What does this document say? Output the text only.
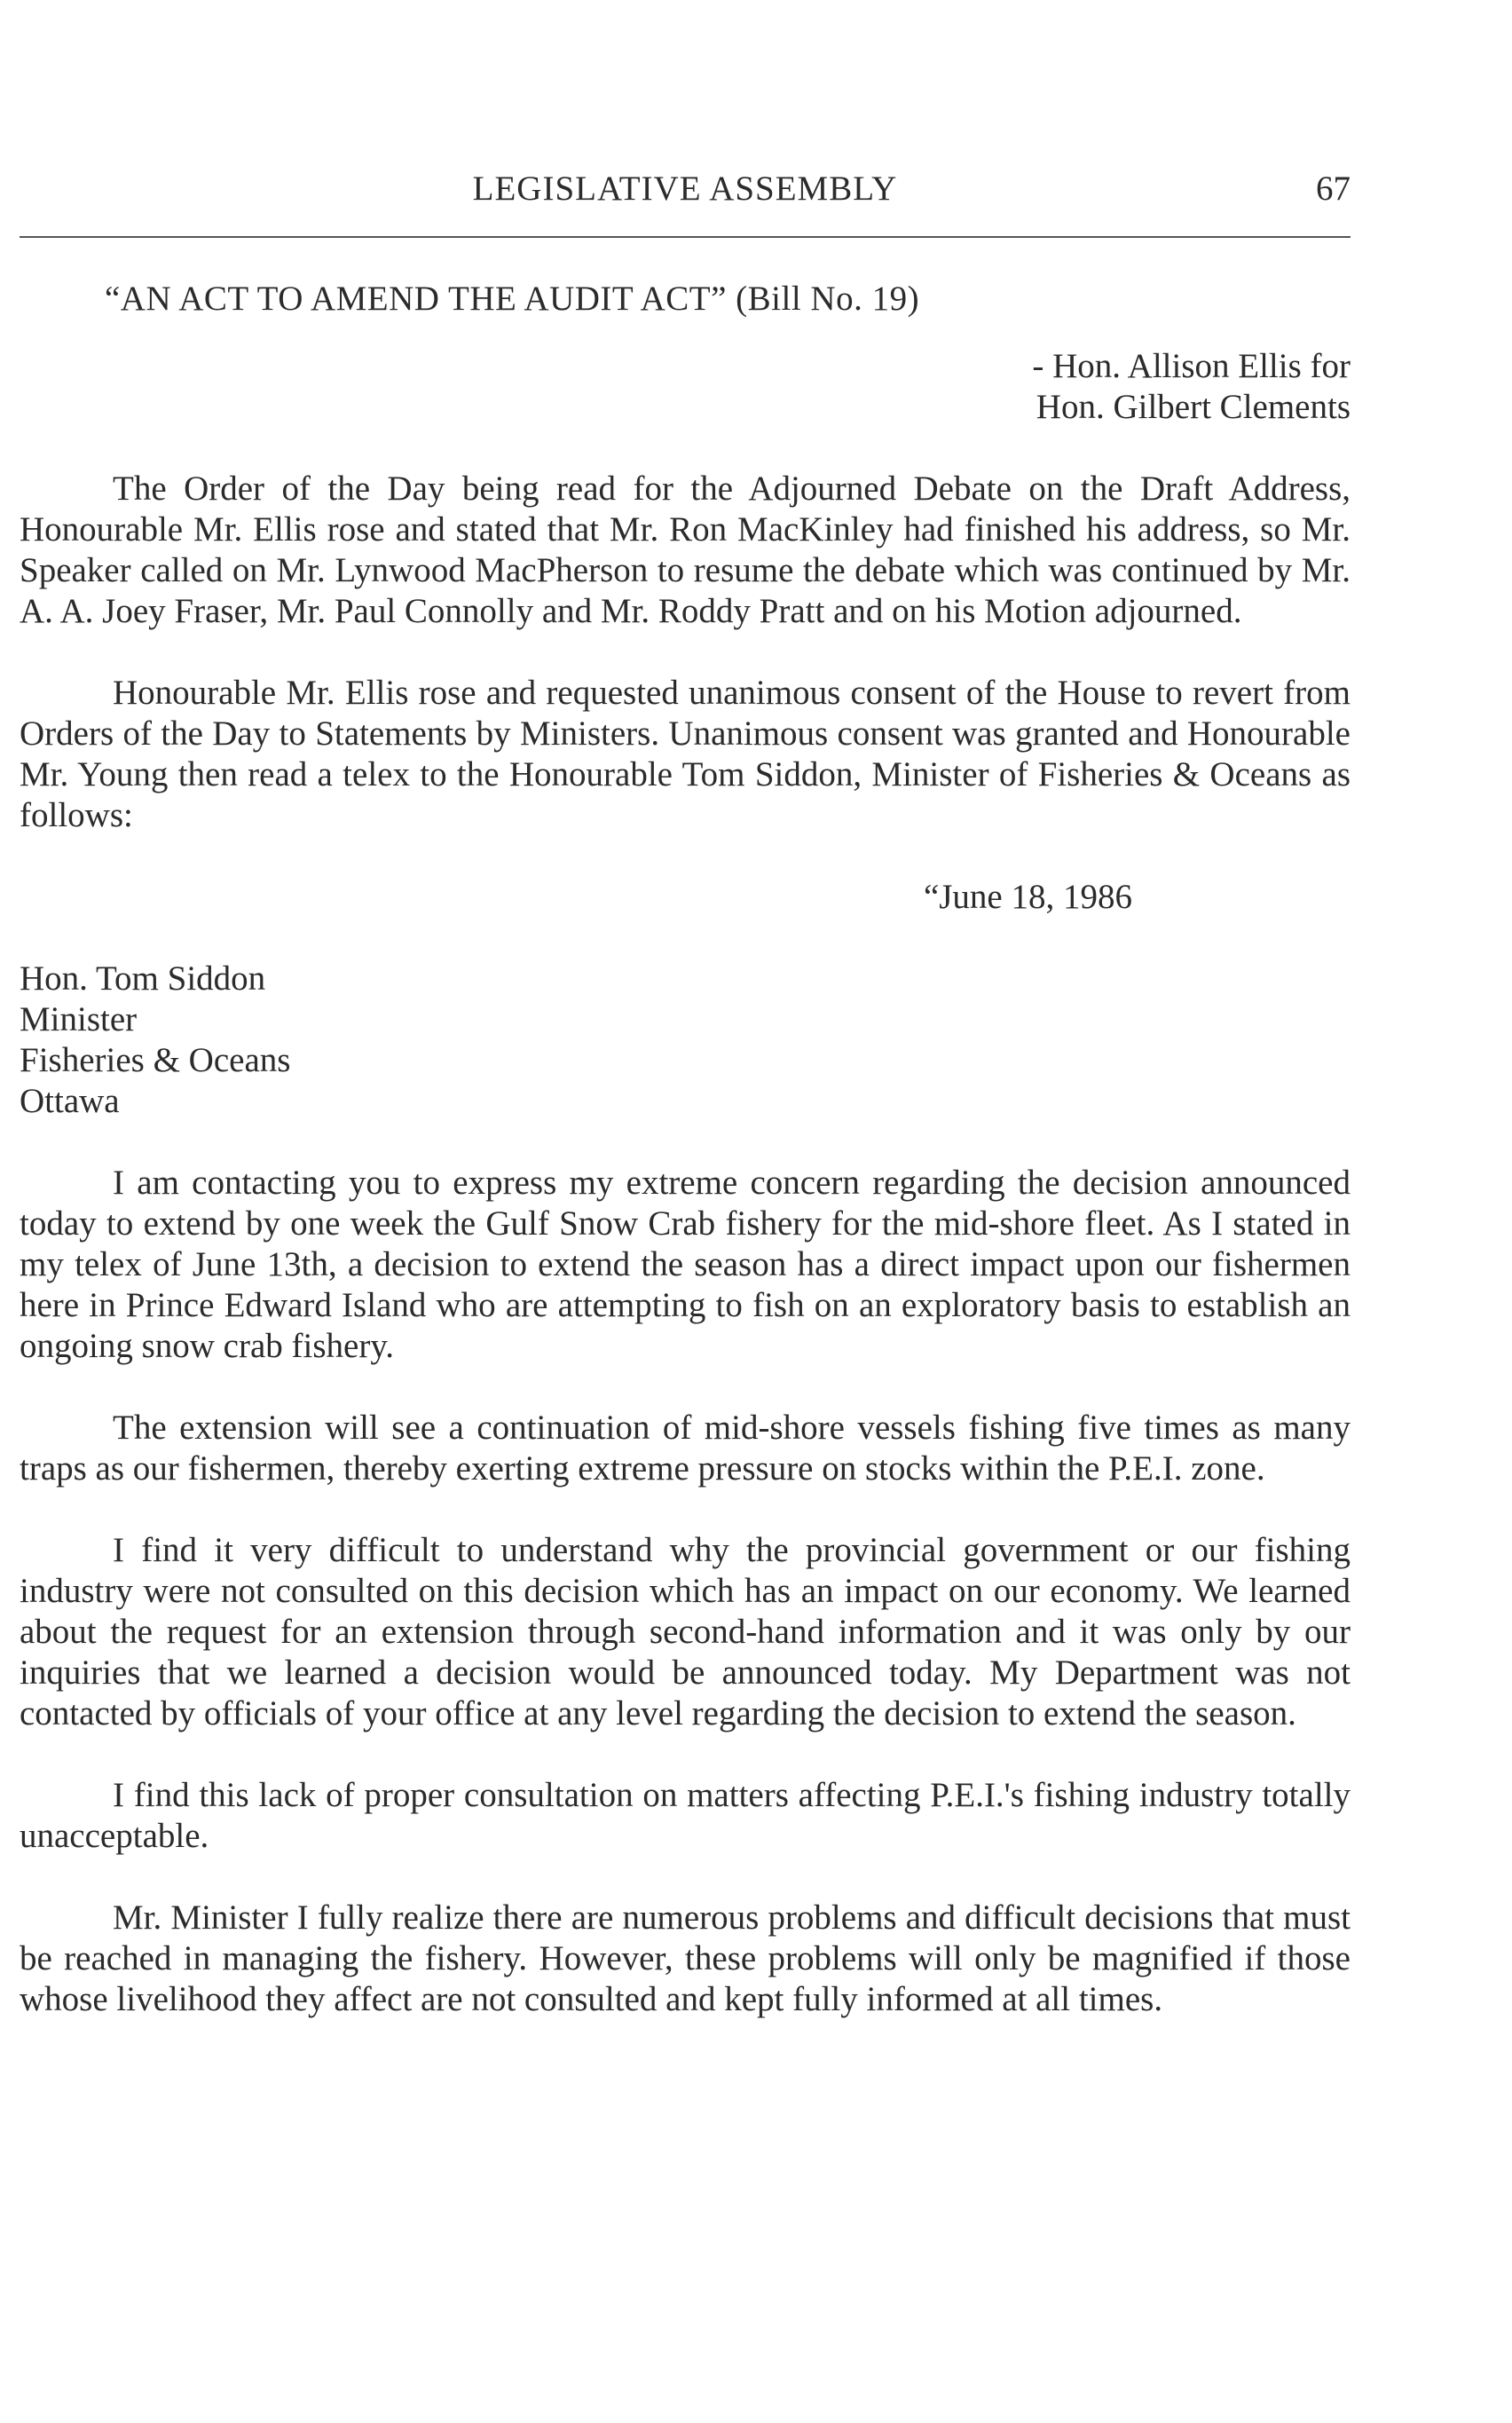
LEGISLATIVE ASSEMBLY	67
“AN ACT TO AMEND THE AUDIT ACT” (Bill No. 19)
- Hon. Allison Ellis for
Hon. Gilbert Clements

The Order of the Day being read for the Adjourned Debate on the Draft Address, Honourable Mr. Ellis rose and stated that Mr. Ron MacKinley had finished his address, so Mr. Speaker called on Mr. Lynwood MacPherson to resume the debate which was continued by Mr. A. A. Joey Fraser, Mr. Paul Connolly and Mr. Roddy Pratt and on his Motion adjourned.

Honourable Mr. Ellis rose and requested unanimous consent of the House to revert from Orders of the Day to Statements by Ministers. Unanimous consent was granted and Honourable Mr. Young then read a telex to the Honourable Tom Siddon, Minister of Fisheries & Oceans as follows:

“June 18, 1986

Hon. Tom Siddon

Minister

Fisheries & Oceans

Ottawa

I am contacting you to express my extreme concern regarding the decision announced today to extend by one week the Gulf Snow Crab fishery for the mid-shore fleet. As I stated in my telex of June 13th, a decision to extend the season has a direct impact upon our fishermen here in Prince Edward Island who are attempting to fish on an exploratory basis to establish an ongoing snow crab fishery.

The extension will see a continuation of mid-shore vessels fishing five times as many traps as our fishermen, thereby exerting extreme pressure on stocks within the P.E.I. zone.

I find it very difficult to understand why the provincial government or our fishing industry were not consulted on this decision which has an impact on our economy. We learned about the request for an extension through second-hand information and it was only by our inquiries that we learned a decision would be announced today. My Department was not contacted by officials of your office at any level regarding the decision to extend the season.

I find this lack of proper consultation on matters affecting P.E.I.'s fishing industry totally unacceptable.

Mr. Minister I fully realize there are numerous problems and difficult decisions that must be reached in managing the fishery. However, these problems will only be magnified if those whose livelihood they affect are not consulted and kept fully informed at all times.
